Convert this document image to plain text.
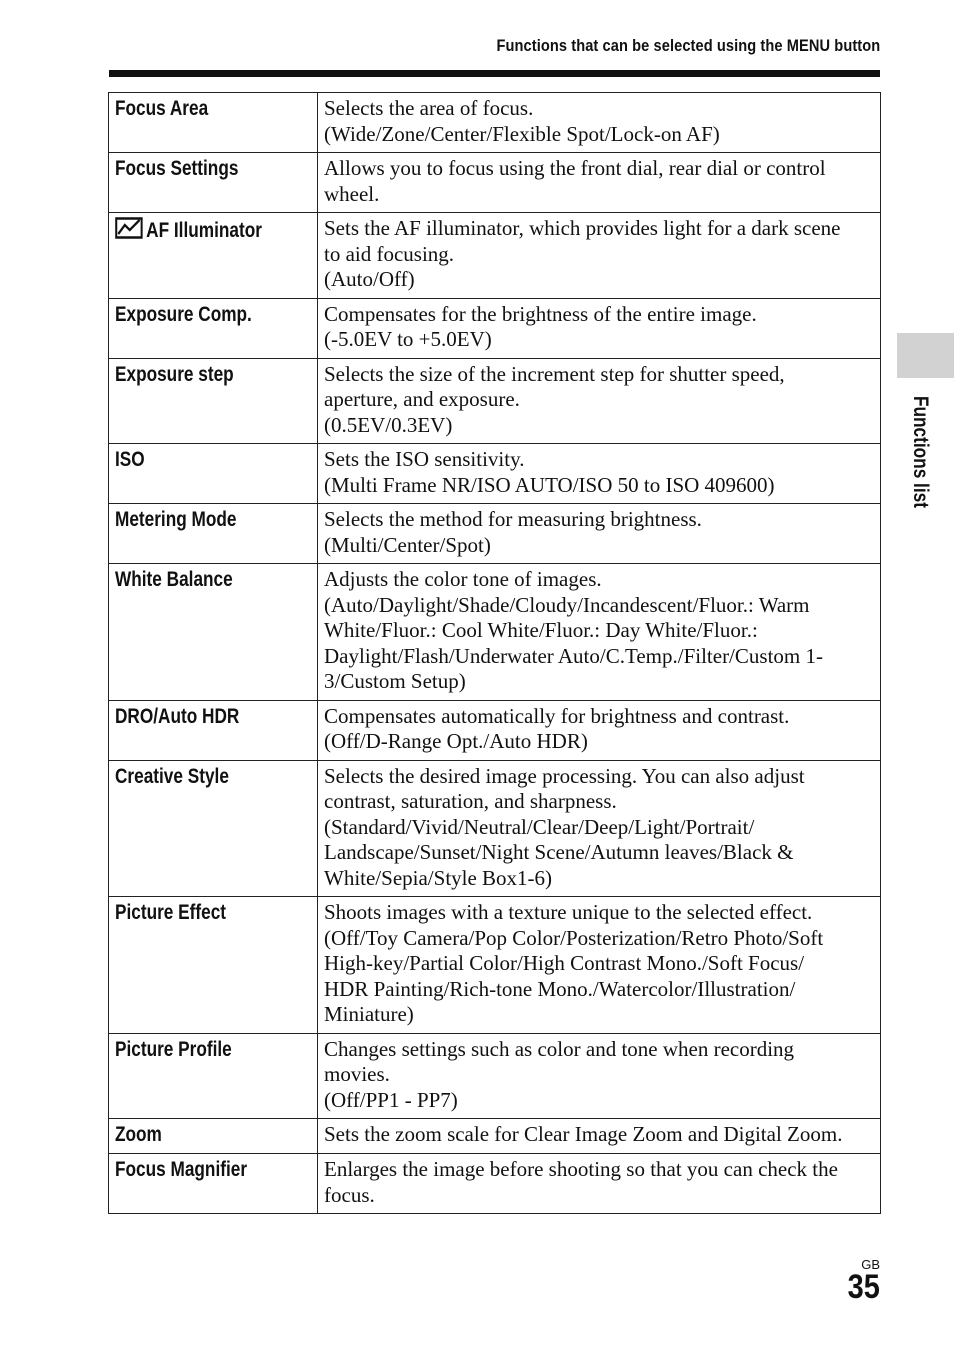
Functions that can be selected using the MENU button
Focus Area	Selects the area of focus.
(Wide/Zone/Center/Flexible Spot/Lock-on AF)

Focus Settings	Allows you to focus using the front dial, rear dial or control
wheel.

AF Illuminator	Sets the AF illuminator, which provides light for a dark scene
to aid focusing.
(Auto/Off)

Exposure Comp.	Compensates for the brightness of the entire image.
(-5.0EV to +5.0EV)

Exposure step	Selects the size of the increment step for shutter speed,
aperture, and exposure.
(0.5EV/0.3EV)

ISO	Sets the ISO sensitivity.
(Multi Frame NR/ISO AUTO/ISO 50 to ISO 409600)

Metering Mode	Selects the method for measuring brightness.
(Multi/Center/Spot)

White Balance	Adjusts the color tone of images.
(Auto/Daylight/Shade/Cloudy/Incandescent/Fluor.: Warm
White/Fluor.: Cool White/Fluor.: Day White/Fluor.:
Daylight/Flash/Underwater Auto/C.Temp./Filter/Custom 1-
3/Custom Setup)

DRO/Auto HDR	Compensates automatically for brightness and contrast.
(Off/D-Range Opt./Auto HDR)

Creative Style	Selects the desired image processing. You can also adjust
contrast, saturation, and sharpness.
(Standard/Vivid/Neutral/Clear/Deep/Light/Portrait/
Landscape/Sunset/Night Scene/Autumn leaves/Black &
White/Sepia/Style Box1-6)

Picture Effect	Shoots images with a texture unique to the selected effect.
(Off/Toy Camera/Pop Color/Posterization/Retro Photo/Soft
High-key/Partial Color/High Contrast Mono./Soft Focus/
HDR Painting/Rich-tone Mono./Watercolor/Illustration/
Miniature)

Picture Profile	Changes settings such as color and tone when recording
movies.
(Off/PP1 - PP7)

Zoom	Sets the zoom scale for Clear Image Zoom and Digital Zoom.

Focus Magnifier	Enlarges the image before shooting so that you can check the
focus.
Functions list
GB
35
